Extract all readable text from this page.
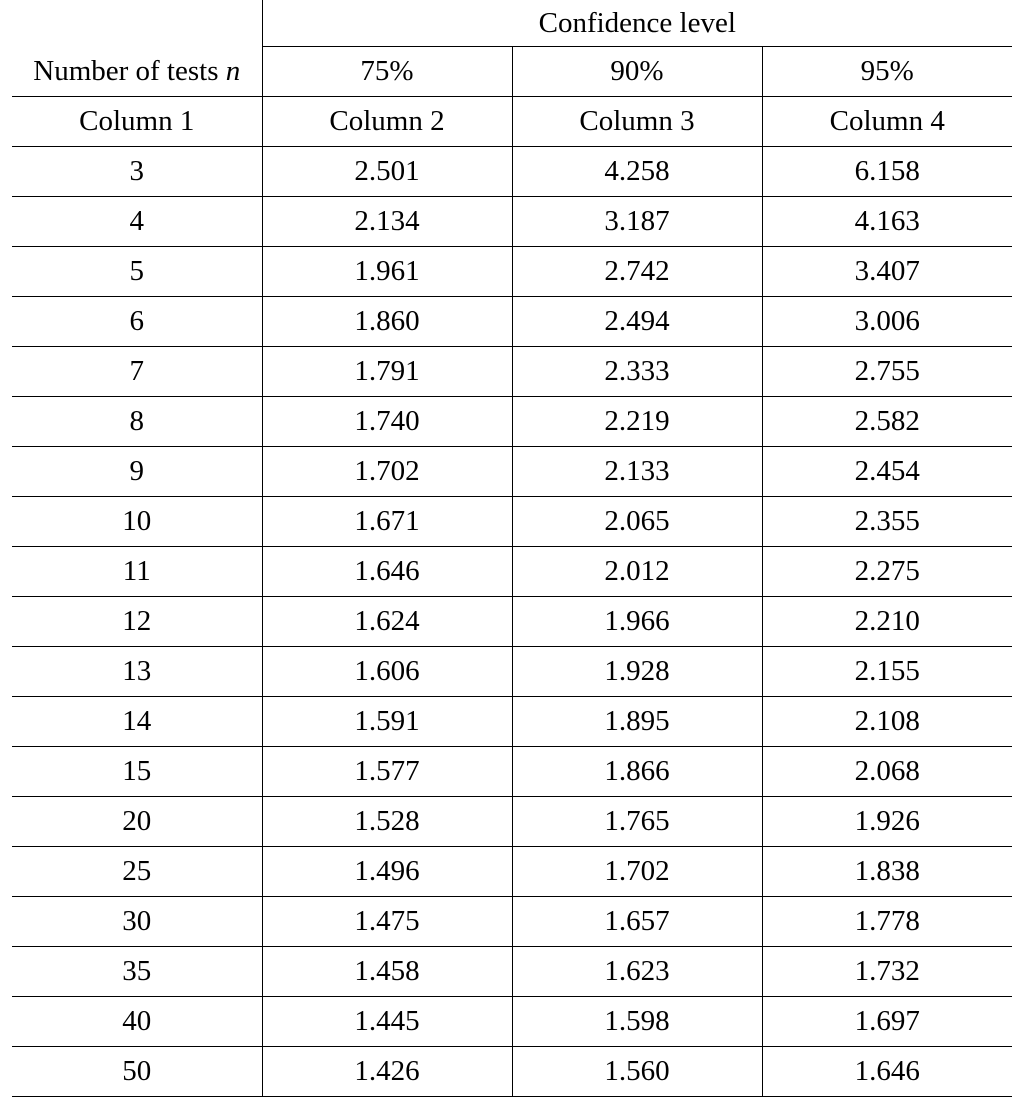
	Confidence level		
Number of tests n	75%	90%	95%
Column 1	Column 2	Column 3	Column 4
3	2.501	4.258	6.158
4	2.134	3.187	4.163
5	1.961	2.742	3.407
6	1.860	2.494	3.006
7	1.791	2.333	2.755
8	1.740	2.219	2.582
9	1.702	2.133	2.454
10	1.671	2.065	2.355
11	1.646	2.012	2.275
12	1.624	1.966	2.210
13	1.606	1.928	2.155
14	1.591	1.895	2.108
15	1.577	1.866	2.068
20	1.528	1.765	1.926
25	1.496	1.702	1.838
30	1.475	1.657	1.778
35	1.458	1.623	1.732
40	1.445	1.598	1.697
50	1.426	1.560	1.646
